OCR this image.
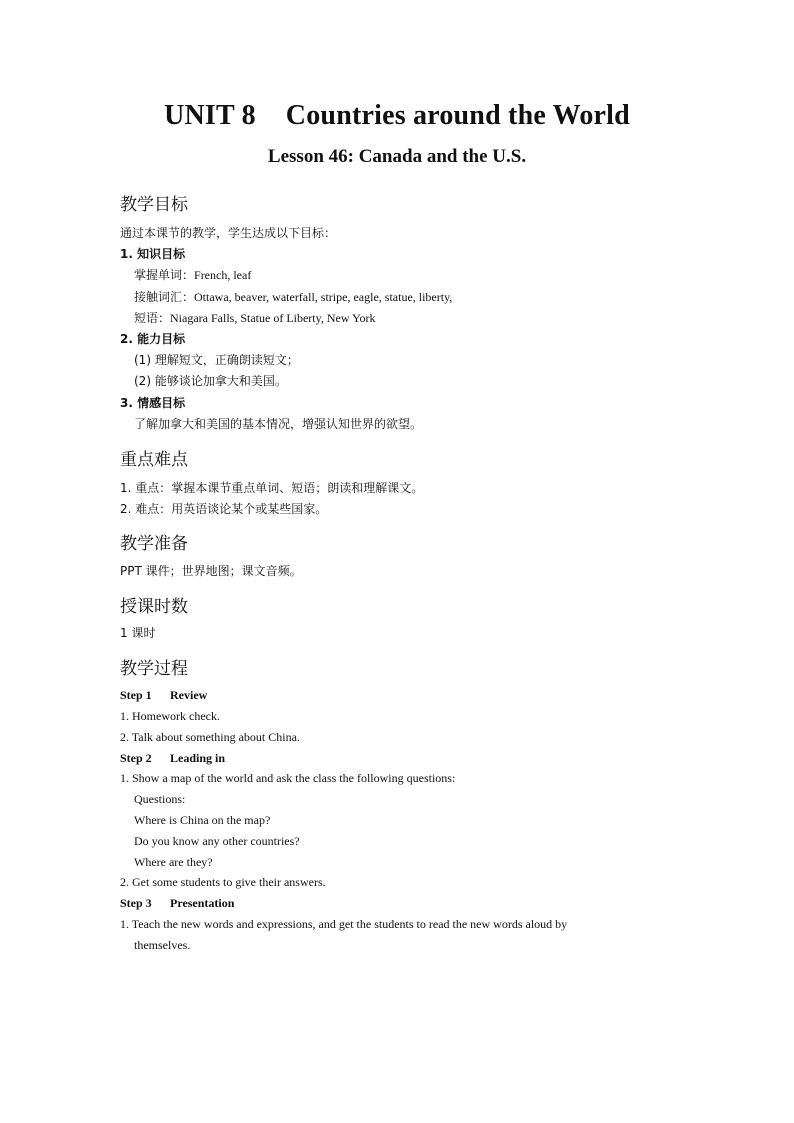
UNIT 8 Countries around the World
Lesson 46: Canada and the U.S.
教学目标
通过本课节的教学，学生达成以下目标：
1. 知识目标
掌握单词：French, leaf
接触词汇：Ottawa, beaver, waterfall, stripe, eagle, statue, liberty,
短语：Niagara Falls, Statue of Liberty, New York
2. 能力目标
(1) 理解短文，正确朗读短文；
(2) 能够谈论加拿大和美国。
3. 情感目标
了解加拿大和美国的基本情况，增强认知世界的欲望。
重点难点
1. 重点：掌握本课节重点单词、短语；朗读和理解课文。
2. 难点：用英语谈论某个或某些国家。
教学准备
PPT 课件；世界地图；课文音频。
授课时数
1 课时
教学过程
Step 1 Review
1. Homework check.
2. Talk about something about China.
Step 2 Leading in
1. Show a map of the world and ask the class the following questions:
Questions:
Where is China on the map?
Do you know any other countries?
Where are they?
2. Get some students to give their answers.
Step 3 Presentation
1. Teach the new words and expressions, and get the students to read the new words aloud by
themselves.
